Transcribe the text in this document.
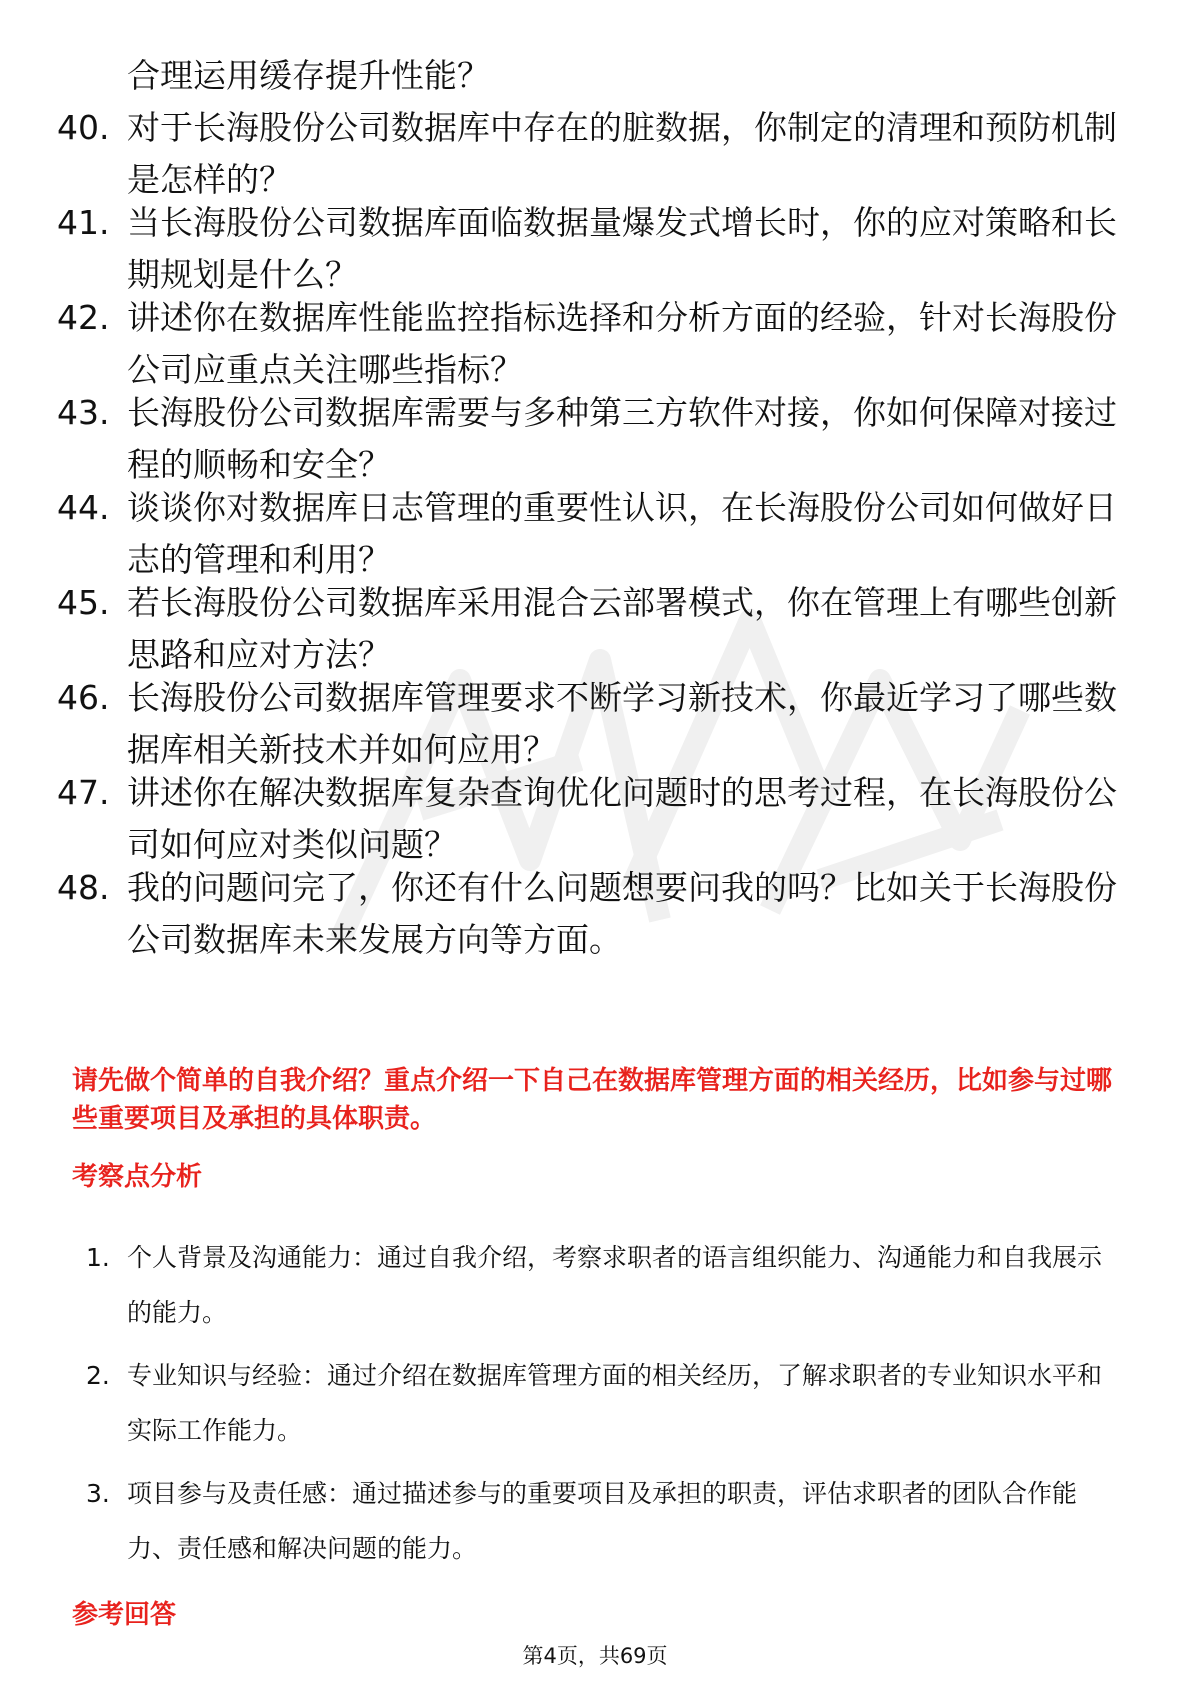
合理运用缓存提升性能？
40. 对于长海股份公司数据库中存在的脏数据，你制定的清理和预防机制是怎样的？
41. 当长海股份公司数据库面临数据量爆发式增长时，你的应对策略和长期规划是什么？
42. 讲述你在数据库性能监控指标选择和分析方面的经验，针对长海股份公司应重点关注哪些指标？
43. 长海股份公司数据库需要与多种第三方软件对接，你如何保障对接过程的顺畅和安全？
44. 谈谈你对数据库日志管理的重要性认识，在长海股份公司如何做好日志的管理和利用？
45. 若长海股份公司数据库采用混合云部署模式，你在管理上有哪些创新思路和应对方法？
46. 长海股份公司数据库管理要求不断学习新技术，你最近学习了哪些数据库相关新技术并如何应用？
47. 讲述你在解决数据库复杂查询优化问题时的思考过程，在长海股份公司如何应对类似问题？
48. 我的问题问完了，你还有什么问题想要问我的吗？比如关于长海股份公司数据库未来发展方向等方面。
请先做个简单的自我介绍？重点介绍一下自己在数据库管理方面的相关经历，比如参与过哪些重要项目及承担的具体职责。
考察点分析
1. 个人背景及沟通能力：通过自我介绍，考察求职者的语言组织能力、沟通能力和自我展示的能力。
2. 专业知识与经验：通过介绍在数据库管理方面的相关经历，了解求职者的专业知识水平和实际工作能力。
3. 项目参与及责任感：通过描述参与的重要项目及承担的职责，评估求职者的团队合作能力、责任感和解决问题的能力。
参考回答
第4页，共69页
